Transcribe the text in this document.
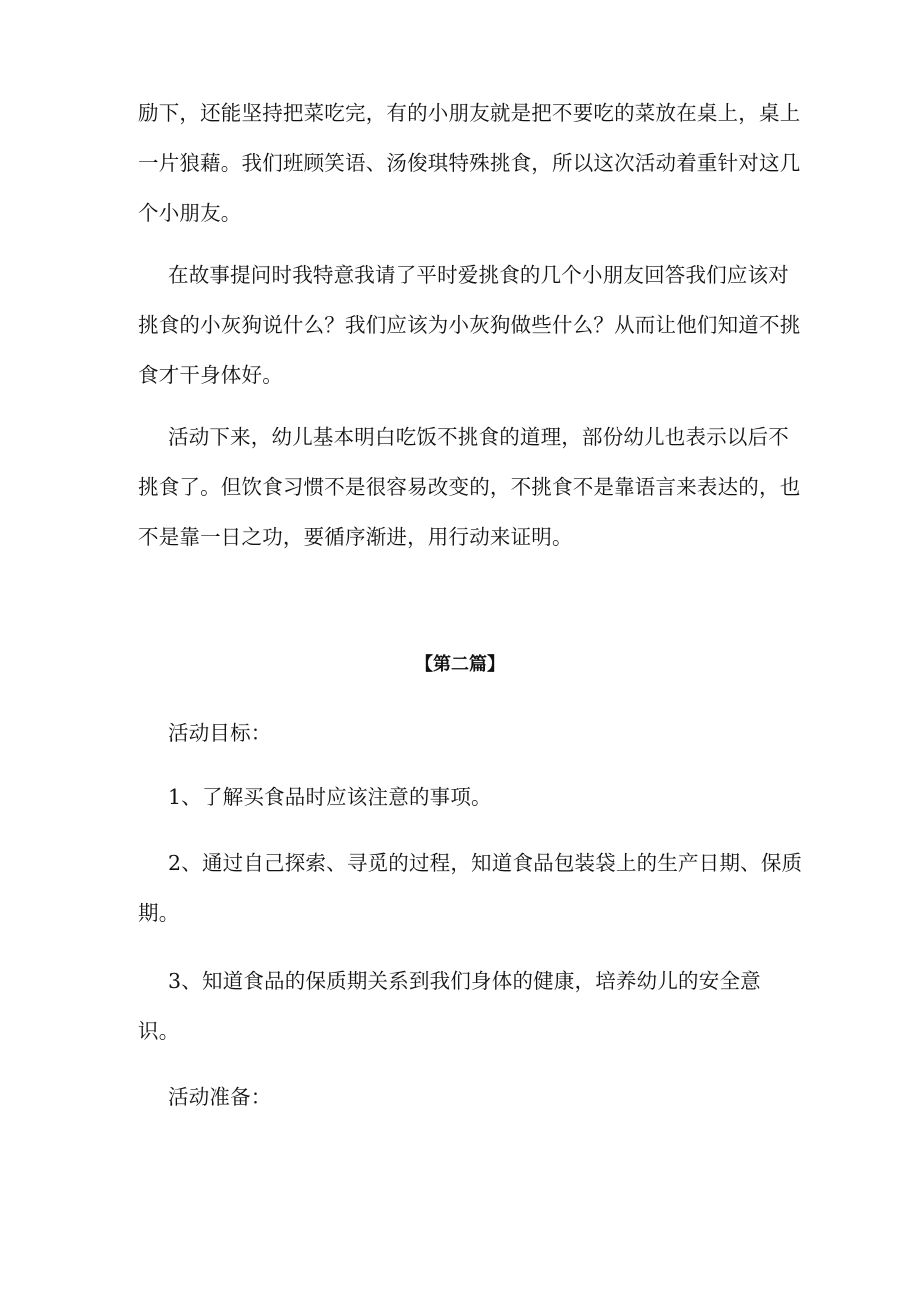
励下，还能坚持把菜吃完，有的小朋友就是把不要吃的菜放在桌上，桌上
一片狼藉。我们班顾笑语、汤俊琪特殊挑食，所以这次活动着重针对这几
个小朋友。
在故事提问时我特意我请了平时爱挑食的几个小朋友回答我们应该对
挑食的小灰狗说什么？我们应该为小灰狗做些什么？从而让他们知道不挑
食才干身体好。
活动下来，幼儿基本明白吃饭不挑食的道理，部份幼儿也表示以后不
挑食了。但饮食习惯不是很容易改变的，不挑食不是靠语言来表达的，也
不是靠一日之功，要循序渐进，用行动来证明。
【第二篇】
活动目标：
1、了解买食品时应该注意的事项。
2、通过自己探索、寻觅的过程，知道食品包装袋上的生产日期、保质
期。
3、知道食品的保质期关系到我们身体的健康，培养幼儿的安全意
识。
活动准备：
